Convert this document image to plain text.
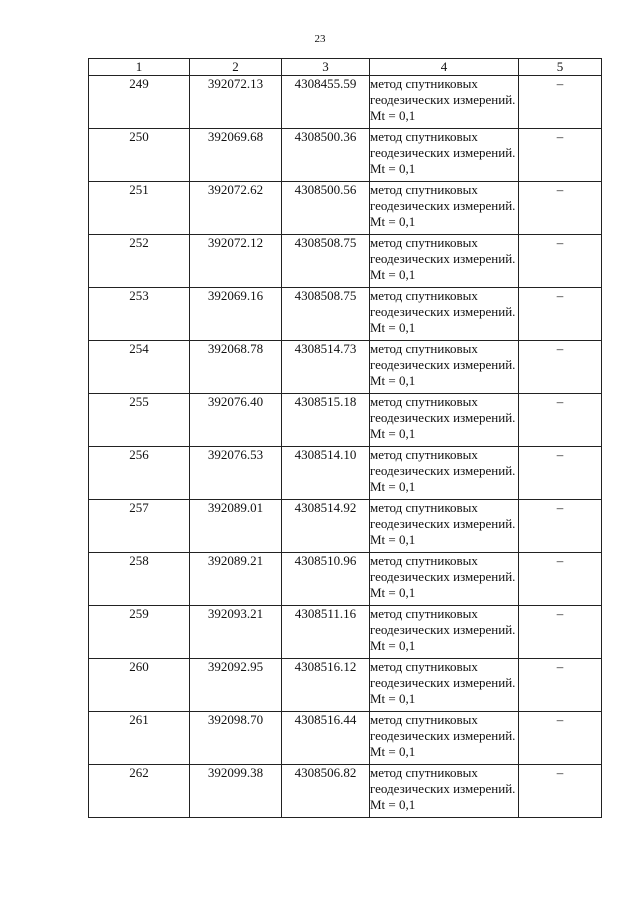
23
1	2	3	4	5
249	392072.13	4308455.59	метод спутниковых геодезических измерений. Mt = 0,1	–
250	392069.68	4308500.36	метод спутниковых геодезических измерений. Mt = 0,1	–
251	392072.62	4308500.56	метод спутниковых геодезических измерений. Mt = 0,1	–
252	392072.12	4308508.75	метод спутниковых геодезических измерений. Mt = 0,1	–
253	392069.16	4308508.75	метод спутниковых геодезических измерений. Mt = 0,1	–
254	392068.78	4308514.73	метод спутниковых геодезических измерений. Mt = 0,1	–
255	392076.40	4308515.18	метод спутниковых геодезических измерений. Mt = 0,1	–
256	392076.53	4308514.10	метод спутниковых геодезических измерений. Mt = 0,1	–
257	392089.01	4308514.92	метод спутниковых геодезических измерений. Mt = 0,1	–
258	392089.21	4308510.96	метод спутниковых геодезических измерений. Mt = 0,1	–
259	392093.21	4308511.16	метод спутниковых геодезических измерений. Mt = 0,1	–
260	392092.95	4308516.12	метод спутниковых геодезических измерений. Mt = 0,1	–
261	392098.70	4308516.44	метод спутниковых геодезических измерений. Mt = 0,1	–
262	392099.38	4308506.82	метод спутниковых геодезических измерений. Mt = 0,1	–
